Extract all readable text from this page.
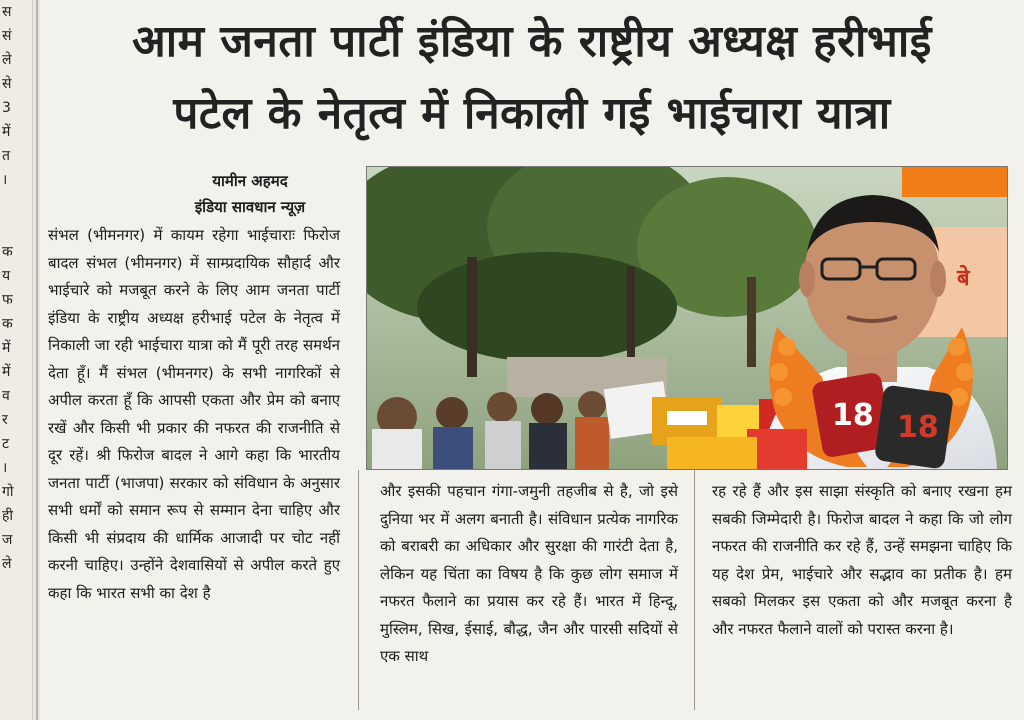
स
सं
ले
से
3
में
त
।
क
य
फ
क
में
में
व
र
ट
।
गो
ही
ज
ले
आम जनता पार्टी इंडिया के राष्ट्रीय अध्यक्ष हरीभाई
पटेल के नेतृत्व में निकाली गई भाईचारा यात्रा
यामीन अहमद
इंडिया सावधान न्यूज़
संभल (भीमनगर) में कायम रहेगा भाईचाराः फिरोज बादल संभल (भीमनगर) में साम्प्रदायिक सौहार्द और भाईचारे को मजबूत करने के लिए आम जनता पार्टी इंडिया के राष्ट्रीय अध्यक्ष हरीभाई पटेल के नेतृत्व में निकाली जा रही भाईचारा यात्रा को मैं पूरी तरह समर्थन देता हूँ। मैं संभल (भीमनगर) के सभी नागरिकों से अपील करता हूँ कि आपसी एकता और प्रेम को बनाए रखें और किसी भी प्रकार की नफरत की राजनीति से दूर रहें। श्री फिरोज बादल ने आगे कहा कि भारतीय जनता पार्टी (भाजपा) सरकार को संविधान के अनुसार सभी धर्मों को समान रूप से सम्मान देना चाहिए और किसी भी संप्रदाय की धार्मिक आजादी पर चोट नहीं करनी चाहिए। उन्होंने देशवासियों से अपील करते हुए कहा कि भारत सभी का देश है
और इसकी पहचान गंगा-जमुनी तहजीब से है, जो इसे दुनिया भर में अलग बनाती है। संविधान प्रत्येक नागरिक को बराबरी का अधिकार और सुरक्षा की गारंटी देता है, लेकिन यह चिंता का विषय है कि कुछ लोग समाज में नफरत फैलाने का प्रयास कर रहे हैं। भारत में हिन्दू, मुस्लिम, सिख, ईसाई, बौद्ध, जैन और पारसी सदियों से एक साथ
रह रहे हैं और इस साझा संस्कृति को बनाए रखना हम सबकी जिम्मेदारी है। फिरोज बादल ने कहा कि जो लोग नफरत की राजनीति कर रहे हैं, उन्हें समझना चाहिए कि यह देश प्रेम, भाईचारे और सद्भाव का प्रतीक है। हम सबको मिलकर इस एकता को और मजबूत करना है और नफरत फैलाने वालों को परास्त करना है।
बे
18 18
